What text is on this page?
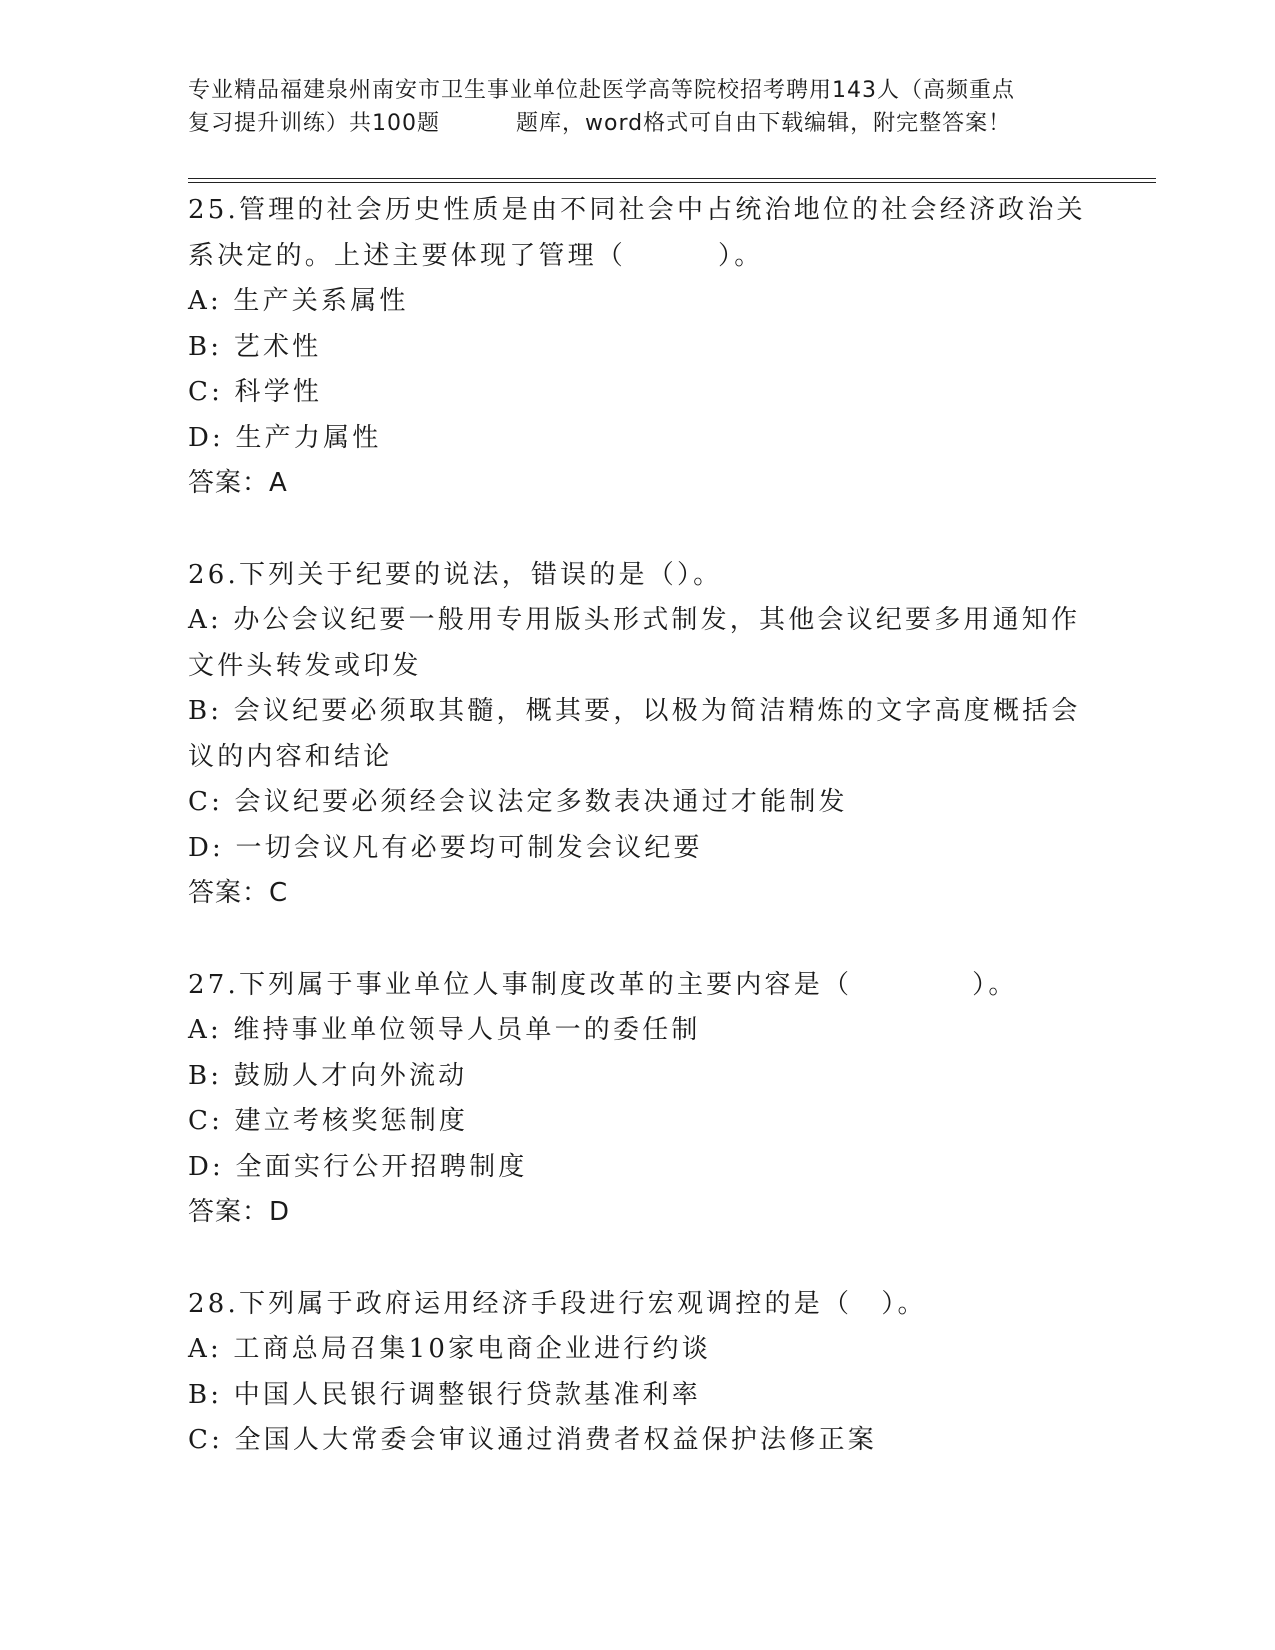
专业精品福建泉州南安市卫生事业单位赴医学高等院校招考聘用143人（高频重点
复习提升训练）共100题	题库，word格式可自由下载编辑，附完整答案！
25.管理的社会历史性质是由不同社会中占统治地位的社会经济政治关
系决定的。上述主要体现了管理（	）。
A: 生产关系属性
B: 艺术性
C: 科学性
D: 生产力属性
答案：A
26.下列关于纪要的说法，错误的是（）。
A: 办公会议纪要一般用专用版头形式制发，其他会议纪要多用通知作
文件头转发或印发
B: 会议纪要必须取其髓，概其要，以极为简洁精炼的文字高度概括会
议的内容和结论
C: 会议纪要必须经会议法定多数表决通过才能制发
D: 一切会议凡有必要均可制发会议纪要
答案：C
27.下列属于事业单位人事制度改革的主要内容是（	）。
A: 维持事业单位领导人员单一的委任制
B: 鼓励人才向外流动
C: 建立考核奖惩制度
D: 全面实行公开招聘制度
答案：D
28.下列属于政府运用经济手段进行宏观调控的是（　）。
A: 工商总局召集10家电商企业进行约谈
B: 中国人民银行调整银行贷款基准利率
C: 全国人大常委会审议通过消费者权益保护法修正案
